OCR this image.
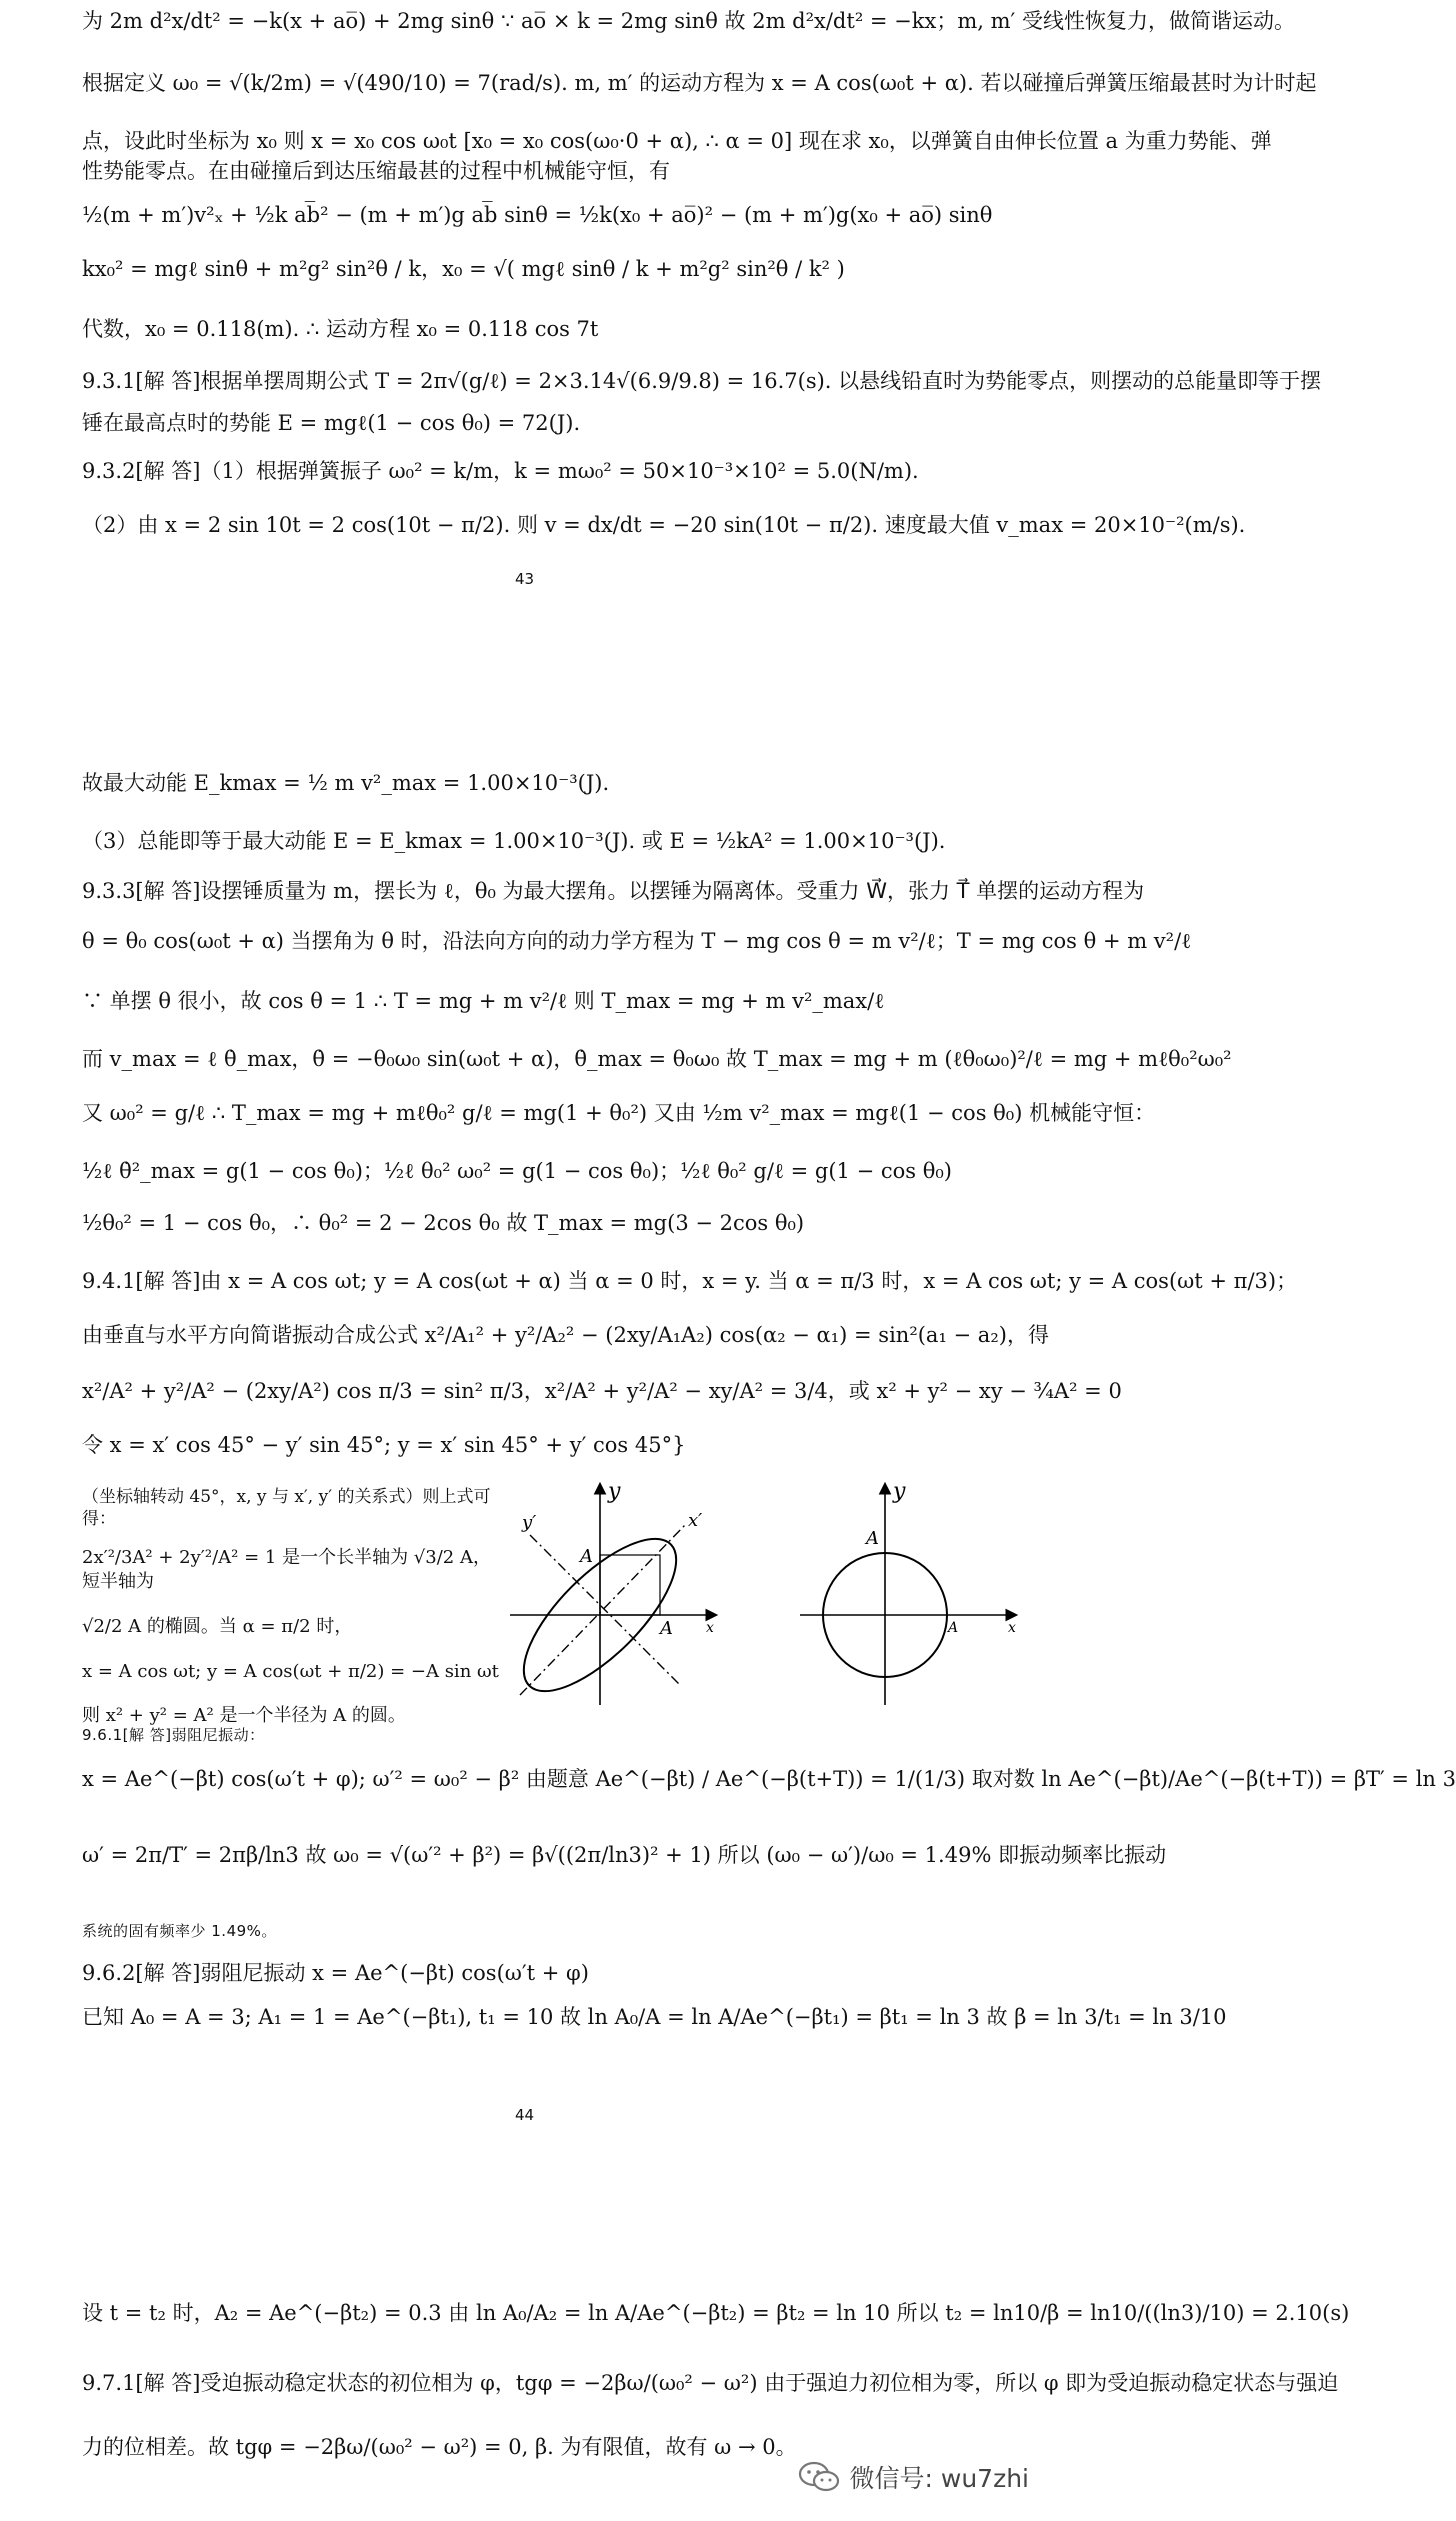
为 2m d²x/dt² = −k(x + ao̅) + 2mg sinθ ∵ ao̅ × k = 2mg sinθ 故 2m d²x/dt² = −kx；m, m′ 受线性恢复力，做简谐运动。
根据定义 ω₀ = √(k/2m) = √(490/10) = 7(rad/s). m, m′ 的运动方程为 x = A cos(ω₀t + α). 若以碰撞后弹簧压缩最甚时为计时起
点，设此时坐标为 x₀ 则 x = x₀ cos ω₀t [x₀ = x₀ cos(ω₀·0 + α), ∴ α = 0] 现在求 x₀，以弹簧自由伸长位置 a 为重力势能、弹
性势能零点。在由碰撞后到达压缩最甚的过程中机械能守恒，有
½(m + m′)v²ₓ + ½k ab̅² − (m + m′)g ab̅ sinθ = ½k(x₀ + ao̅)² − (m + m′)g(x₀ + ao̅) sinθ
kx₀² = mgℓ sinθ + m²g² sin²θ / k，x₀ = √( mgℓ sinθ / k + m²g² sin²θ / k² )
代数，x₀ = 0.118(m). ∴ 运动方程 x₀ = 0.118 cos 7t
9.3.1[解 答]根据单摆周期公式 T = 2π√(g/ℓ) = 2×3.14√(6.9/9.8) = 16.7(s). 以悬线铅直时为势能零点，则摆动的总能量即等于摆
锤在最高点时的势能 E = mgℓ(1 − cos θ₀) = 72(J).
9.3.2[解 答]（1）根据弹簧振子 ω₀² = k/m，k = mω₀² = 50×10⁻³×10² = 5.0(N/m).
（2）由 x = 2 sin 10t = 2 cos(10t − π/2). 则 v = dx/dt = −20 sin(10t − π/2). 速度最大值 v_max = 20×10⁻²(m/s).
43
故最大动能 E_kmax = ½ m v²_max = 1.00×10⁻³(J).
（3）总能即等于最大动能 E = E_kmax = 1.00×10⁻³(J). 或 E = ½kA² = 1.00×10⁻³(J).
9.3.3[解 答]设摆锤质量为 m，摆长为 ℓ，θ₀ 为最大摆角。以摆锤为隔离体。受重力 W⃗，张力 T⃗ 单摆的运动方程为
θ = θ₀ cos(ω₀t + α) 当摆角为 θ 时，沿法向方向的动力学方程为 T − mg cos θ = m v²/ℓ；T = mg cos θ + m v²/ℓ
∵ 单摆 θ 很小，故 cos θ = 1 ∴ T = mg + m v²/ℓ 则 T_max = mg + m v²_max/ℓ
而 v_max = ℓ θ̇_max，θ̇ = −θ₀ω₀ sin(ω₀t + α)，θ̇_max = θ₀ω₀ 故 T_max = mg + m (ℓθ₀ω₀)²/ℓ = mg + mℓθ₀²ω₀²
又 ω₀² = g/ℓ ∴ T_max = mg + mℓθ₀² g/ℓ = mg(1 + θ₀²) 又由 ½m v²_max = mgℓ(1 − cos θ₀) 机械能守恒：
½ℓ θ̇²_max = g(1 − cos θ₀)；½ℓ θ₀² ω₀² = g(1 − cos θ₀)；½ℓ θ₀² g/ℓ = g(1 − cos θ₀)
½θ₀² = 1 − cos θ₀，∴ θ₀² = 2 − 2cos θ₀ 故 T_max = mg(3 − 2cos θ₀)
9.4.1[解 答]由 x = A cos ωt; y = A cos(ωt + α) 当 α = 0 时，x = y. 当 α = π/3 时，x = A cos ωt; y = A cos(ωt + π/3)；
由垂直与水平方向简谐振动合成公式 x²/A₁² + y²/A₂² − (2xy/A₁A₂) cos(α₂ − α₁) = sin²(a₁ − a₂)，得
x²/A² + y²/A² − (2xy/A²) cos π/3 = sin² π/3，x²/A² + y²/A² − xy/A² = 3/4，或 x² + y² − xy − ¾A² = 0
令 x = x′ cos 45° − y′ sin 45°; y = x′ sin 45° + y′ cos 45°}
（坐标轴转动 45°，x, y 与 x′, y′ 的关系式）则上式可得：
2x′²/3A² + 2y′²/A² = 1 是一个长半轴为 √3/2 A，短半轴为
√2/2 A 的椭圆。当 α = π/2 时，
x = A cos ωt; y = A cos(ωt + π/2) = −A sin ωt
则 x² + y² = A² 是一个半径为 A 的圆。
y
x
y′	x′
A
A
y
x
A
A
9.6.1[解 答]弱阻尼振动：
x = Ae^(−βt) cos(ω′t + φ); ω′² = ω₀² − β² 由题意 Ae^(−βt) / Ae^(−β(t+T)) = 1/(1/3) 取对数 ln Ae^(−βt)/Ae^(−β(t+T)) = βT′ = ln 3
ω′ = 2π/T′ = 2πβ/ln3 故 ω₀ = √(ω′² + β²) = β√((2π/ln3)² + 1) 所以 (ω₀ − ω′)/ω₀ = 1.49% 即振动频率比振动
系统的固有频率少 1.49%。
9.6.2[解 答]弱阻尼振动 x = Ae^(−βt) cos(ω′t + φ)
已知 A₀ = A = 3; A₁ = 1 = Ae^(−βt₁), t₁ = 10 故 ln A₀/A = ln A/Ae^(−βt₁) = βt₁ = ln 3 故 β = ln 3/t₁ = ln 3/10
44
设 t = t₂ 时，A₂ = Ae^(−βt₂) = 0.3 由 ln A₀/A₂ = ln A/Ae^(−βt₂) = βt₂ = ln 10 所以 t₂ = ln10/β = ln10/((ln3)/10) = 2.10(s)
9.7.1[解 答]受迫振动稳定状态的初位相为 φ，tgφ = −2βω/(ω₀² − ω²) 由于强迫力初位相为零，所以 φ 即为受迫振动稳定状态与强迫
力的位相差。故 tgφ = −2βω/(ω₀² − ω²) = 0, β. 为有限值，故有 ω → 0。
微信号: wu7zhi
